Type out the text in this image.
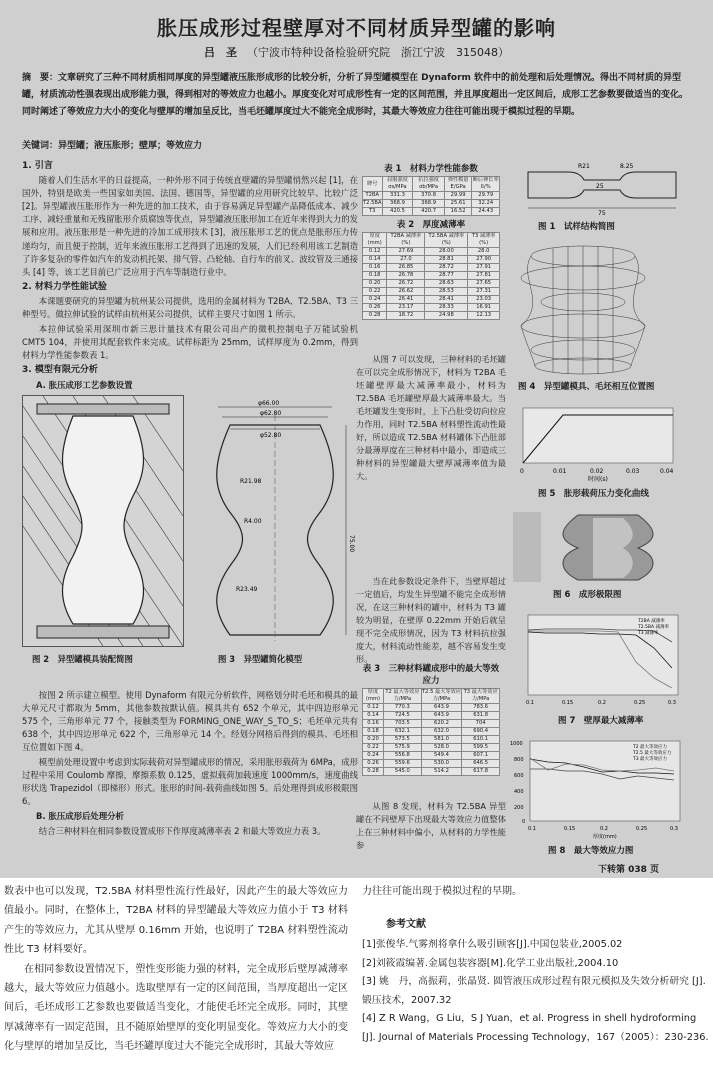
胀压成形过程壁厚对不同材质异型罐的影响
吕　圣 （宁波市特种设备检验研究院　浙江宁波　315048）
摘　要：文章研究了三种不同材质相同厚度的异型罐液压胀形成形的比较分析，分析了异型罐模型在 Dynaform 软件中的前处理和后处理情况。得出不同材质的异型罐，材质流动性强表现出成形能力强，得到相对的等效应力也越小。厚度变化对可成形性有一定的区间范围，并且厚度超出一定区间后，成形工艺参数要做适当的变化。同时阐述了等效应力大小的变化与壁厚的增加呈反比，当毛坯罐厚度过大不能完全成形时，其最大等效应力往往可能出现于模拟过程的早期。
关键词：异型罐；液压胀形；壁厚；等效应力
1. 引言

随着人们生活水平的日益提高，一种外形不同于传统直壁罐的异型罐悄然兴起 [1]，在国外，特别是欧美一些国家如美国、法国、德国等，异型罐的应用研究比较早、比较广泛 [2]。异型罐液压胀形作为一种先进的加工技术，由于容易满足异型罐产品降低成本、减少工序、减轻重量和无残留胀形介质腐蚀等优点，异型罐液压胀形加工在近年来得到大力的发展和应用。液压胀形是一种先进的冷加工成形技术 [3]，液压胀形工艺的优点是胀形压力传递均匀，而且便于控制，近年来液压胀形工艺得到了迅速的发展，人们已经利用该工艺制造了许多复杂的零件如汽车的发动机托架、排气管、凸轮轴、自行车的前叉、波纹管及三通接头 [4] 等，该工艺目前已广泛应用于汽车等制造行业中。

2. 材料力学性能试验

本课题要研究的异型罐为杭州某公司提供，选用的金属材料为 T2BA、T2.5BA、T3 三种型号。做拉伸试验的试样由杭州某公司提供，试样主要尺寸如图 1 所示。

本拉伸试验采用深圳市新三思计量技术有限公司出产的微机控制电子万能试验机 CMT5 104，并使用其配套软件来完成。试样标距为 25mm，试样厚度为 0.2mm，得到材料力学性能参数表 1。

3. 模型有限元分析
A. 胀压成形工艺参数设置
φ66.00
φ62.80
φ52.80
R21.98
R4.00
R23.49
75.00
图 2　异型罐模具装配简图	图 3　异型罐简化模型

按图 2 所示建立模型。使用 Dynaform 有限元分析软件，网格划分时毛坯和模具的最大单元尺寸都取为 5mm，其他参数按默认值。模具共有 652 个单元，其中四边形单元 575 个，三角形单元 77 个，接触类型为 FORMING_ONE_WAY_S_TO_S；毛坯单元共有 638 个，其中四边形单元 622 个，三角形单元 14 个。经划分网格后得到的模具、毛坯相互位置如下图 4。

模型前处理设置中考虑到实际载荷对异型罐成形的情况，采用胀形载荷为 6MPa，成形过程中采用 Coulomb 摩擦，摩擦系数 0.125，虚拟载荷加载速度 1000mm/s，速度曲线形状选 Trapezidol（即梯形）形式。胀形的时间-载荷曲线如图 5。后处理得到成形极限图 6。

B. 胀压成形后处理分析

结合三种材料在相同参数设置成形下作厚度减薄率表 2 和最大等效应力表 3。

表 1　材料力学性能参数
牌号	屈服强度σs/MPa	抗拉强度σb/MPa	弹性模量E/GPa	断后伸长率δ/%
T2BA	331.3	370.8	29.99	29.79
T2.5BA	368.9	368.9	25.61	32.24
T3	420.5	420.7	16.52	24.43
表 2　厚度减薄率
厚度(mm)	T2BA 减薄率(%)	T2.5BA 减薄率(%)	T3 减薄率(%)
0.12	27.69	28.00	28.0
0.14	27.0	28.81	27.90
0.16	26.85	28.72	27.91
0.18	26.78	28.77	27.81
0.20	26.72	28.63	27.65
0.22	26.62	28.53	27.31
0.24	26.41	28.41	23.03
0.26	23.17	28.33	16.91
0.28	18.72	24.98	12.13

从图 7 可以发现，三种材料的毛坯罐在可以完全成形情况下，材料为 T2BA 毛坯罐壁厚最大减薄率最小，材料为 T2.5BA 毛坯罐壁厚最大减薄率最大。当毛坯罐发生变形时，上下凸肚受切向拉应力作用，同时 T2.5BA 材料塑性流动性最好，所以造成 T2.5BA 材料罐体下凸肚部分最薄厚度在三种材料中最小，即造成三种材料的异型罐最大壁厚减薄率值为最大。

当在此参数设定条件下，当壁厚超过一定值后，均发生异型罐不能完全成形情况，在这三种材料的罐中，材料为 T3 罐较为明显，在壁厚 0.22mm 开始后就呈现不完全成形情况，因为 T3 材料抗拉强度大，材料流动性能差，越不容易发生变形。

表 3　三种材料罐成形中的最大等效应力
厚度(mm)	T2 最大等效应力/MPa	T2.5 最大等效应力/MPa	T3 最大等效应力/MPa
0.12	770.3	643.9	783.6
0.14	724.5	643.9	631.8
0.16	703.5	620.2	704
0.18	632.1	632.0	690.4
0.20	573.5	581.0	610.1
0.22	575.9	528.0	599.5
0.24	556.8	549.4	607.1
0.26	559.6	530.0	646.5
0.28	545.0	514.2	617.8

从图 8 发现，材料为 T2.5BA 异型罐在不同壁厚下出现最大等效应力值整体上在三种材料中偏小，从材料的力学性能参

R21	8.25
75
25
图 1　试样结构简图
图 4　异型罐模具、毛坯相互位置图
0	0.01	0.02	0.03	0.04
时间(s)
图 5　胀形载荷压力变化曲线
图 6　成形极限图
T2BA 减薄率
T2.5BA 减薄率
T3 减薄率
0.1	0.15	0.2	0.25	0.3
图 7　壁厚最大减薄率
T2 最大等效应力
T2.5 最大等效应力
T3 最大等效应力
1000
800
600
400
200
0
0.1	0.15	0.2	0.25	0.3
厚度(mm)
图 8　最大等效应力图
下转第 038 页

数表中也可以发现，T2.5BA 材料塑性流行性最好，因此产生的最大等效应力值最小。同时，在整体上，T2BA 材料的异型罐最大等效应力值小于 T3 材料产生的等效应力，尤其从壁厚 0.16mm 开始，也说明了 T2BA 材料塑性流动性比 T3 材料要好。

在相同参数设置情况下，塑性变形能力强的材料，完全成形后壁厚减薄率越大，最大等效应力值越小。选取壁厚有一定的区间范围，当厚度超出一定区间后，毛坯成形工艺参数也要做适当变化，才能使毛坯完全成形。同时，其壁厚减薄率有一固定范围，且不随原始壁厚的变化明显变化。等效应力大小的变化与壁厚的增加呈反比，当毛坯罐厚度过大不能完全成形时，其最大等效应

力往往可能出现于模拟过程的早期。
参考文献
[1]张俊华.气雾剂将拿什么吸引顾客[J].中国包装业,2005.02
[2]刘筱霞编著.金属包装容器[M].化学工业出版社,2004.10
[3] 姚　丹，高振莉，张晶贤. 圆管液压成形过程有限元模拟及失效分析研究 [J]. 锻压技术，2007.32
[4] Z R Wang，G Liu，S J Yuan，et al. Progress in shell hydroforming [J]. Journal of Materials Processing Technology，167（2005）：230-236.
